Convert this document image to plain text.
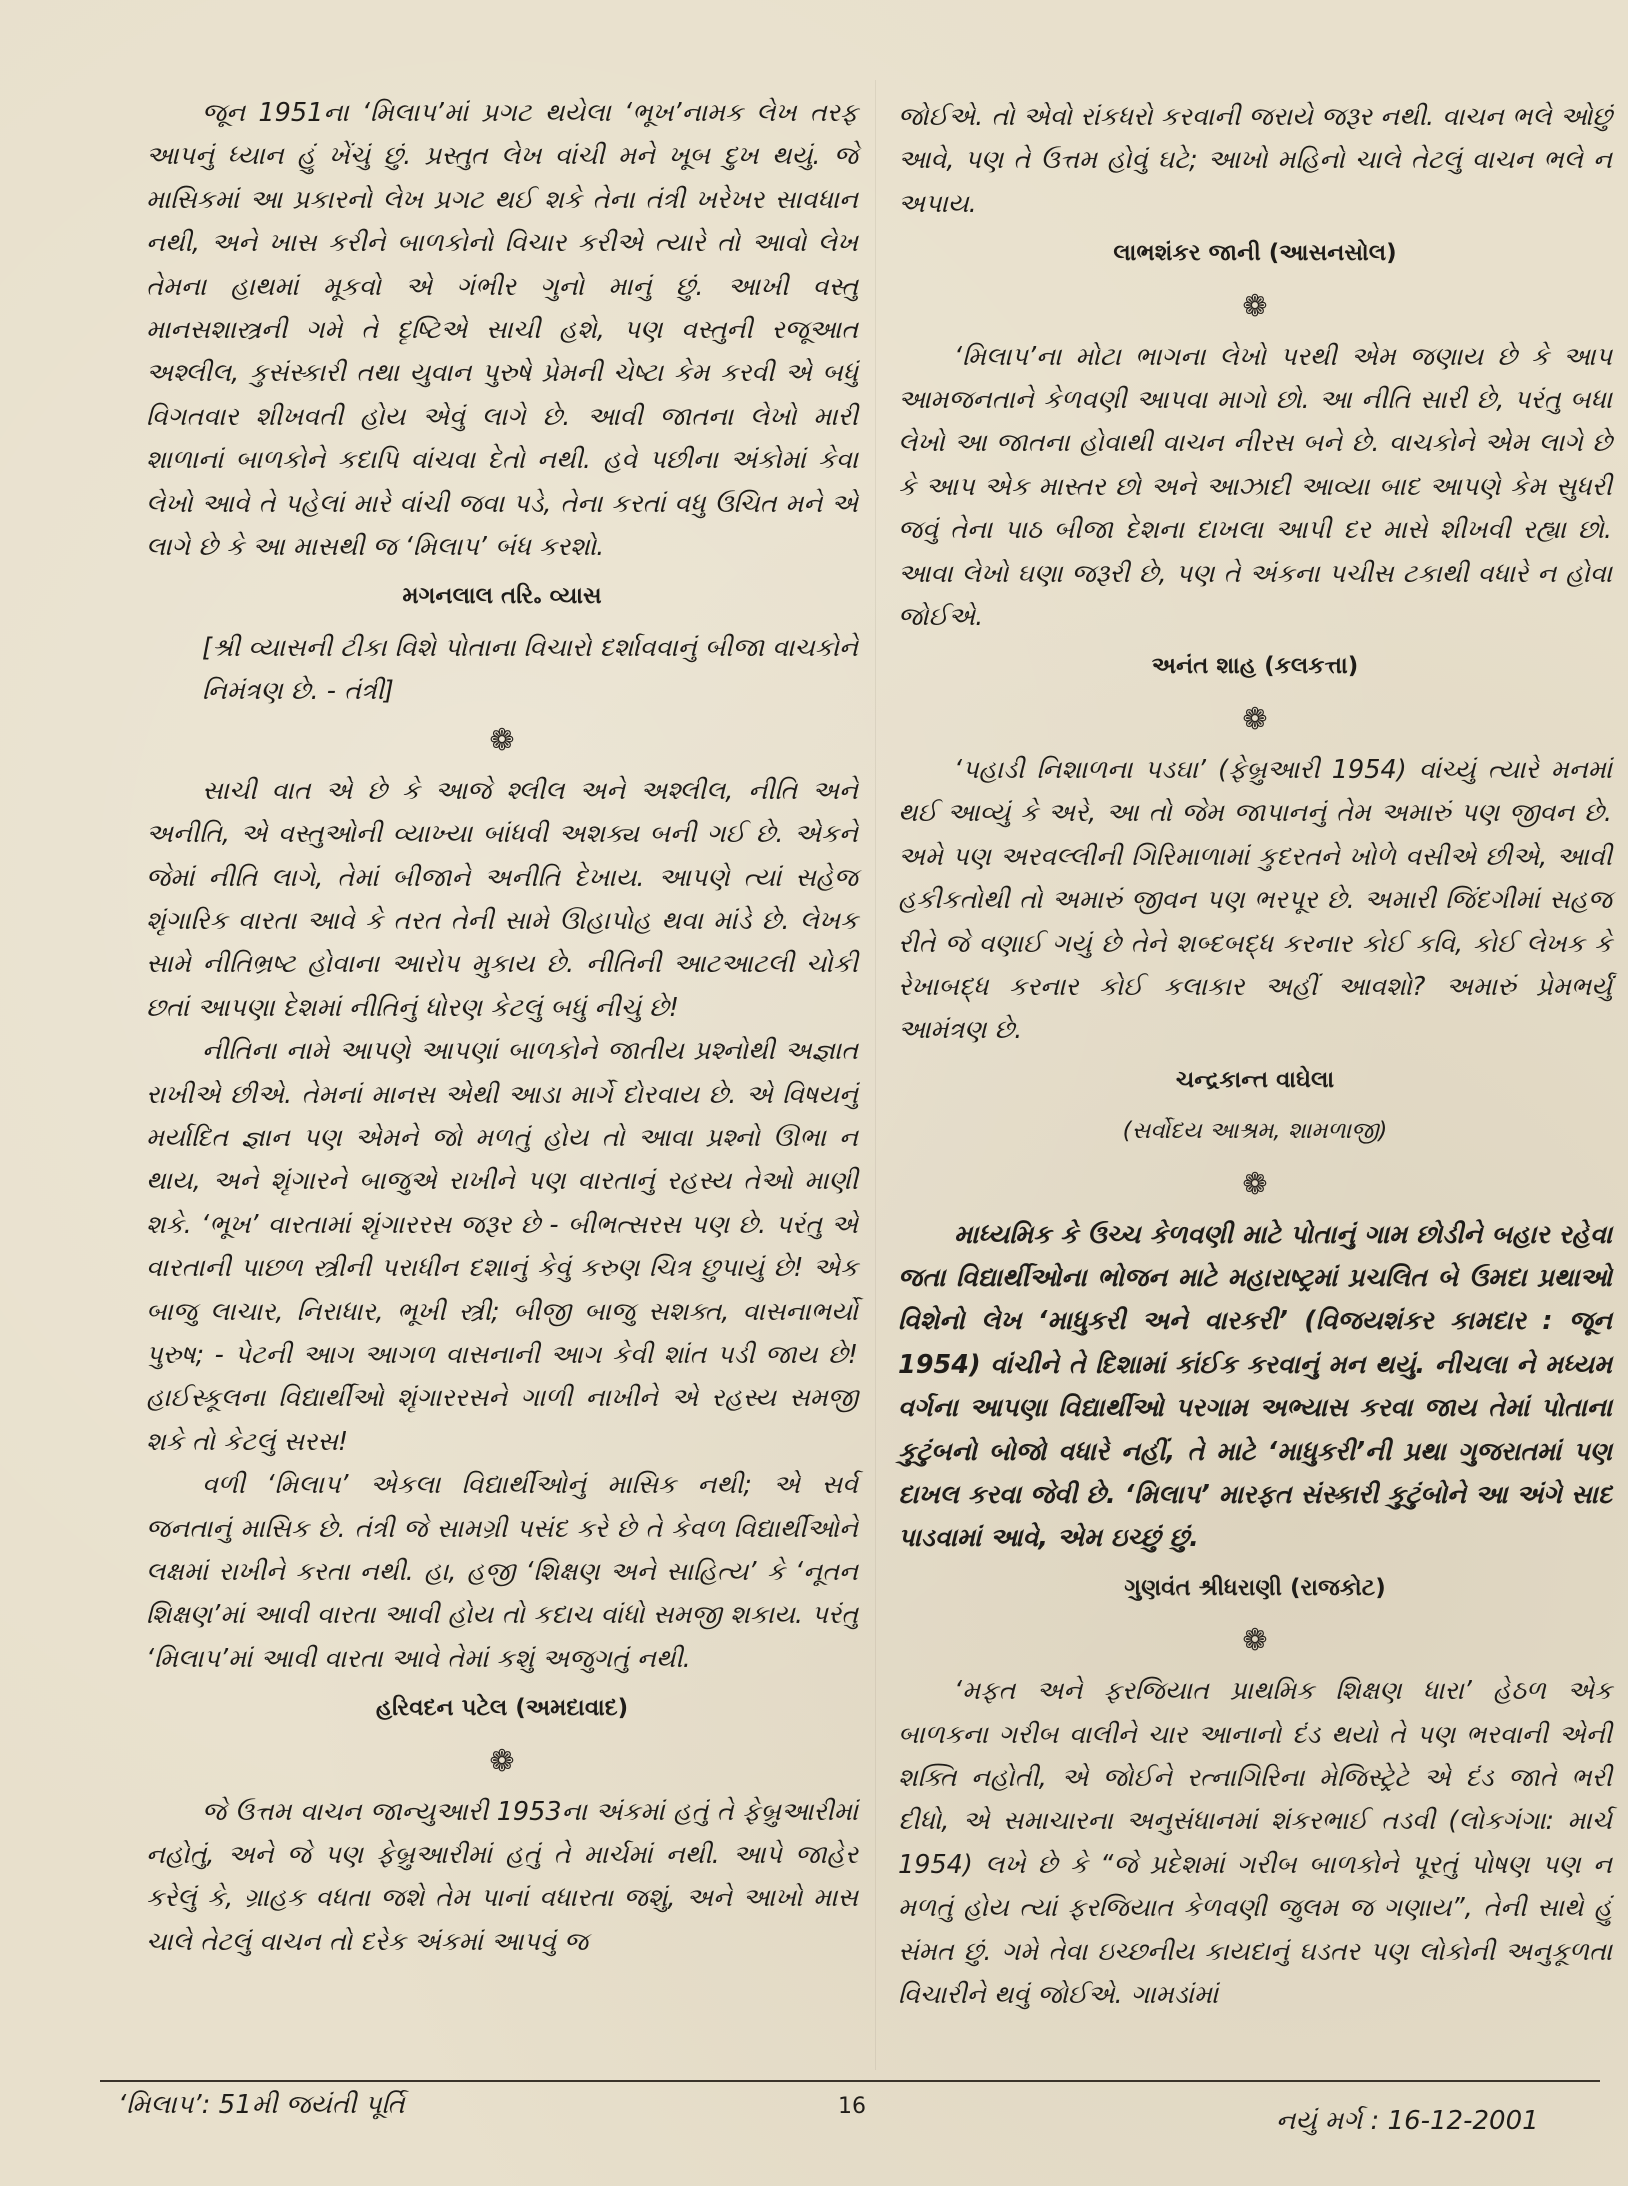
જૂન 1951ના ‘મિલાપ’માં પ્રગટ થયેલા ‘ભૂખ’નામક લેખ તરફ આપનું ધ્યાન હું ખેંચું છું. પ્રસ્તુત લેખ વાંચી મને ખૂબ દુખ થયું. જે માસિકમાં આ પ્રકારનો લેખ પ્રગટ થઈ શકે તેના તંત્રી ખરેખર સાવધાન નથી, અને ખાસ કરીને બાળકોનો વિચાર કરીએ ત્યારે તો આવો લેખ તેમના હાથમાં મૂકવો એ ગંભીર ગુનો માનું છું. આખી વસ્તુ માનસશાસ્ત્રની ગમે તે દૃષ્ટિએ સાચી હશે, પણ વસ્તુની રજૂઆત અશ્લીલ, કુસંસ્કારી તથા યુવાન પુરુષે પ્રેમની ચેષ્ટા કેમ કરવી એ બધું વિગતવાર શીખવતી હોય એવું લાગે છે. આવી જાતના લેખો મારી શાળાનાં બાળકોને કદાપિ વાંચવા દેતો નથી. હવે પછીના અંકોમાં કેવા લેખો આવે તે પહેલાં મારે વાંચી જવા પડે, તેના કરતાં વધુ ઉચિત મને એ લાગે છે કે આ માસથી જ ‘મિલાપ’ બંધ કરશો.

મગનલાલ તરિ૰ વ્યાસ

[શ્રી વ્યાસની ટીકા વિશે પોતાના વિચારો દર્શાવવાનું બીજા વાચકોને નિમંત્રણ છે. - તંત્રી]

❁

સાચી વાત એ છે કે આજે શ્લીલ અને અશ્લીલ, નીતિ અને અનીતિ, એ વસ્તુઓની વ્યાખ્યા બાંધવી અશક્ય બની ગઈ છે. એકને જેમાં નીતિ લાગે, તેમાં બીજાને અનીતિ દેખાય. આપણે ત્યાં સહેજ શૃંગારિક વારતા આવે કે તરત તેની સામે ઊહાપોહ થવા માંડે છે. લેખક સામે નીતિભ્રષ્ટ હોવાના આરોપ મુકાય છે. નીતિની આટઆટલી ચોકી છતાં આપણા દેશમાં નીતિનું ધોરણ કેટલું બધું નીચું છે!

નીતિના નામે આપણે આપણાં બાળકોને જાતીય પ્રશ્નોથી અજ્ઞાત રાખીએ છીએ. તેમનાં માનસ એથી આડા માર્ગે દોરવાય છે. એ વિષયનું મર્યાદિત જ્ઞાન પણ એમને જો મળતું હોય તો આવા પ્રશ્નો ઊભા ન થાય, અને શૃંગારને બાજુએ રાખીને પણ વારતાનું રહસ્ય તેઓ માણી શકે. ‘ભૂખ’ વારતામાં શૃંગારરસ જરૂર છે - બીભત્સરસ પણ છે. પરંતુ એ વારતાની પાછળ સ્ત્રીની પરાધીન દશાનું કેવું કરુણ ચિત્ર છુપાયું છે! એક બાજુ લાચાર, નિરાધાર, ભૂખી સ્ત્રી; બીજી બાજુ સશક્ત, વાસનાભર્યો પુરુષ; - પેટની આગ આગળ વાસનાની આગ કેવી શાંત પડી જાય છે! હાઈસ્કૂલના વિદ્યાર્થીઓ શૃંગારરસને ગાળી નાખીને એ રહસ્ય સમજી શકે તો કેટલું સરસ!

વળી ‘મિલાપ’ એકલા વિદ્યાર્થીઓનું માસિક નથી; એ સર્વ જનતાનું માસિક છે. તંત્રી જે સામગ્રી પસંદ કરે છે તે કેવળ વિદ્યાર્થીઓને લક્ષમાં રાખીને કરતા નથી. હા, હજી ‘શિક્ષણ અને સાહિત્ય’ કે ‘નૂતન શિક્ષણ’માં આવી વારતા આવી હોય તો કદાચ વાંધો સમજી શકાય. પરંતુ ‘મિલાપ’માં આવી વારતા આવે તેમાં કશું અજુગતું નથી.

હરિવદન પટેલ (અમદાવાદ)
❁

જે ઉત્તમ વાચન જાન્યુઆરી 1953ના અંકમાં હતું તે ફેબ્રુઆરીમાં નહોતું, અને જે પણ ફેબ્રુઆરીમાં હતું તે માર્ચમાં નથી. આપે જાહેર કરેલું કે, ગ્રાહક વધતા જશે તેમ પાનાં વધારતા જશું, અને આખો માસ ચાલે તેટલું વાચન તો દરેક અંકમાં આપવું જ

જોઈએ. તો એવો રાંકધરો કરવાની જરાયે જરૂર નથી. વાચન ભલે ઓછું આવે, પણ તે ઉત્તમ હોવું ઘટે; આખો મહિનો ચાલે તેટલું વાચન ભલે ન અપાય.

લાભશંકર જાની (આસનસોલ)
❁

‘મિલાપ’ના મોટા ભાગના લેખો પરથી એમ જણાય છે કે આપ આમજનતાને કેળવણી આપવા માગો છો. આ નીતિ સારી છે, પરંતુ બધા લેખો આ જાતના હોવાથી વાચન નીરસ બને છે. વાચકોને એમ લાગે છે કે આપ એક માસ્તર છો અને આઝાદી આવ્યા બાદ આપણે કેમ સુધરી જવું તેના પાઠ બીજા દેશના દાખલા આપી દર માસે શીખવી રહ્યા છો. આવા લેખો ઘણા જરૂરી છે, પણ તે અંકના પચીસ ટકાથી વધારે ન હોવા જોઈએ.

અનંત શાહ (કલકત્તા)
❁

‘પહાડી નિશાળના પડઘા’ (ફેબ્રુઆરી 1954) વાંચ્યું ત્યારે મનમાં થઈ આવ્યું કે અરે, આ તો જેમ જાપાનનું તેમ અમારું પણ જીવન છે. અમે પણ અરવલ્લીની ગિરિમાળામાં કુદરતને ખોળે વસીએ છીએ, આવી હકીકતોથી તો અમારું જીવન પણ ભરપૂર છે. અમારી જિંદગીમાં સહજ રીતે જે વણાઈ ગયું છે તેને શબ્દબદ્ધ કરનાર કોઈ કવિ, કોઈ લેખક કે રેખાબદ્ધ કરનાર કોઈ કલાકાર અહીં આવશો? અમારું પ્રેમભર્યું આમંત્રણ છે.

ચન્દ્રકાન્ત વાઘેલા
(સર્વોદય આશ્રમ, શામળાજી)
❁

માધ્યમિક કે ઉચ્ચ કેળવણી માટે પોતાનું ગામ છોડીને બહાર રહેવા જતા વિદ્યાર્થીઓના ભોજન માટે મહારાષ્ટ્રમાં પ્રચલિત બે ઉમદા પ્રથાઓ વિશેનો લેખ ‘માધુકરી અને વારકરી’ (વિજયશંકર કામદાર : જૂન 1954) વાંચીને તે દિશામાં કાંઈક કરવાનું મન થયું. નીચલા ને મધ્યમ વર્ગના આપણા વિદ્યાર્થીઓ પરગામ અભ્યાસ કરવા જાય તેમાં પોતાના કુટુંબનો બોજો વધારે નહીં, તે માટે ‘માધુકરી’ની પ્રથા ગુજરાતમાં પણ દાખલ કરવા જેવી છે. ‘મિલાપ’ મારફત સંસ્કારી કુટુંબોને આ અંગે સાદ પાડવામાં આવે, એમ ઇચ્છું છું.

ગુણવંત શ્રીધરાણી (રાજકોટ)
❁

‘મફત અને ફરજિયાત પ્રાથમિક શિક્ષણ ધારા’ હેઠળ એક બાળકના ગરીબ વાલીને ચાર આનાનો દંડ થયો તે પણ ભરવાની એની શક્તિ નહોતી, એ જોઈને રત્નાગિરિના મેજિસ્ટ્રેટે એ દંડ જાતે ભરી દીધો, એ સમાચારના અનુસંધાનમાં શંકરભાઈ તડવી (લોકગંગા: માર્ચ 1954) લખે છે કે “જે પ્રદેશમાં ગરીબ બાળકોને પૂરતું પોષણ પણ ન મળતું હોય ત્યાં ફરજિયાત કેળવણી જુલમ જ ગણાય”, તેની સાથે હું સંમત છું. ગમે તેવા ઇચ્છનીય કાયદાનું ઘડતર પણ લોકોની અનુકૂળતા વિચારીને થવું જોઈએ. ગામડાંમાં

‘મિલાપ’: 51મી જયંતી પૂર્તિ	16	નયું મર્ગ : 16-12-2001
